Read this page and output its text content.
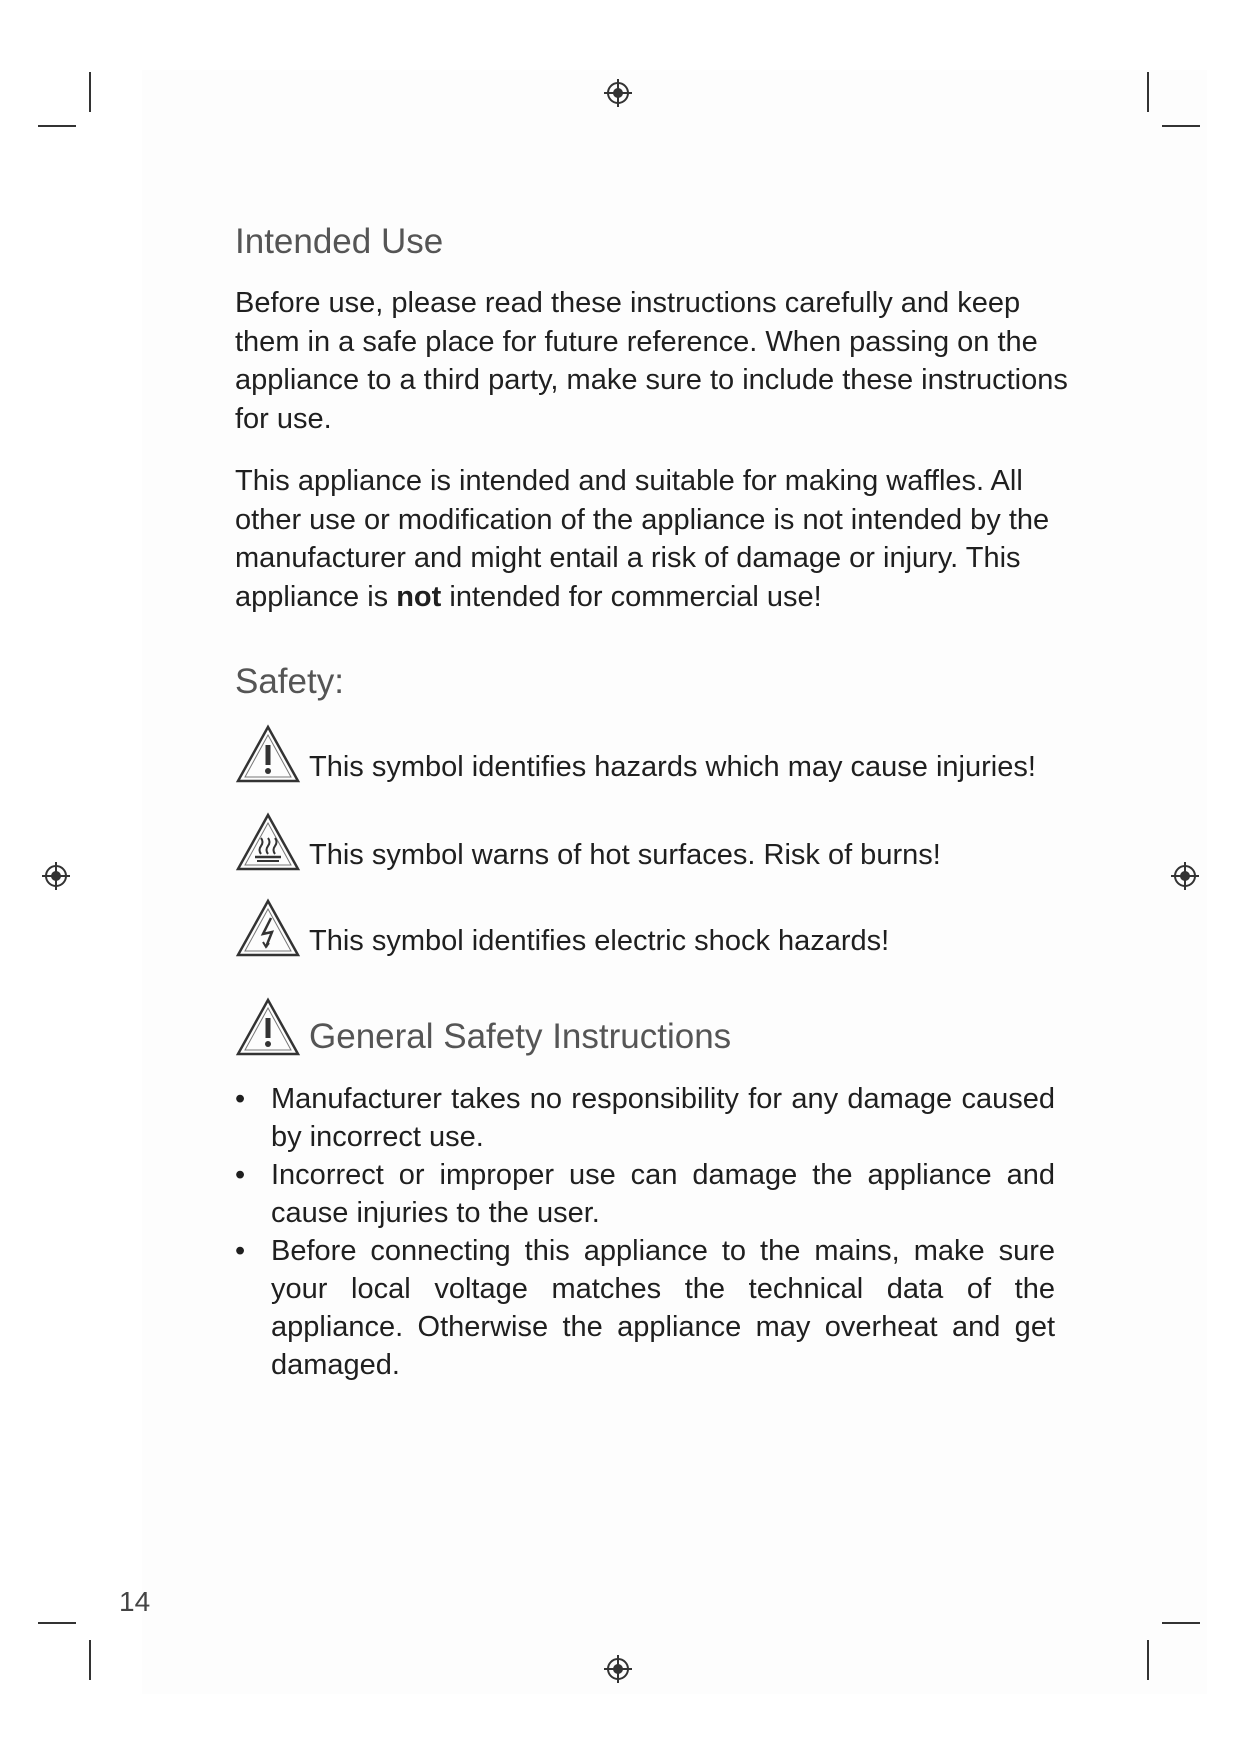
Intended Use

Before use, please read these instructions carefully and keep them in a safe place for future reference. When passing on the appliance to a third party, make sure to include these instructions for use.

This appliance is intended and suitable for making waffles. All other use or modification of the appliance is not intended by the manufacturer and might entail a risk of damage or injury. This appliance is not intended for commercial use!

Safety:
This symbol identifies hazards which may cause injuries!
This symbol warns of hot surfaces. Risk of burns!
This symbol identifies electric shock hazards!
General Safety Instructions
• Manufacturer takes no responsibility for any damage caused by incorrect use.
• Incorrect or improper use can damage the appliance and cause injuries to the user.
• Before connecting this appliance to the mains, make sure your local voltage matches the technical data of the appliance. Otherwise the appliance may overheat and get damaged.
14
